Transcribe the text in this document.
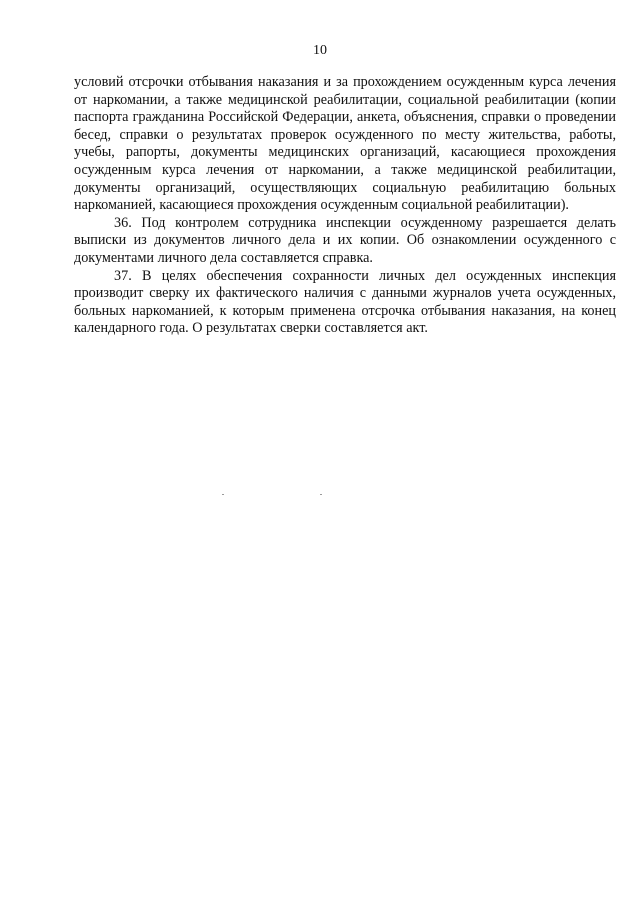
10

условий отсрочки отбывания наказания и за прохождением осужденным курса лечения от наркомании, а также медицинской реабилитации, социальной реабилитации (копии паспорта гражданина Российской Федерации, анкета, объяснения, справки о проведении бесед, справки о результатах проверок осужденного по месту жительства, работы, учебы, рапорты, документы медицинских организаций, касающиеся прохождения осужденным курса лечения от наркомании, а также медицинской реабилитации, документы организаций, осуществляющих социальную реабилитацию больных наркоманией, касающиеся прохождения осужденным социальной реабилитации).

36. Под контролем сотрудника инспекции осужденному разрешается делать выписки из документов личного дела и их копии. Об ознакомлении осужденного с документами личного дела составляется справка.

37. В целях обеспечения сохранности личных дел осужденных инспекция производит сверку их фактического наличия с данными журналов учета осужденных, больных наркоманией, к которым применена отсрочка отбывания наказания, на конец календарного года. О результатах сверки составляется акт.
